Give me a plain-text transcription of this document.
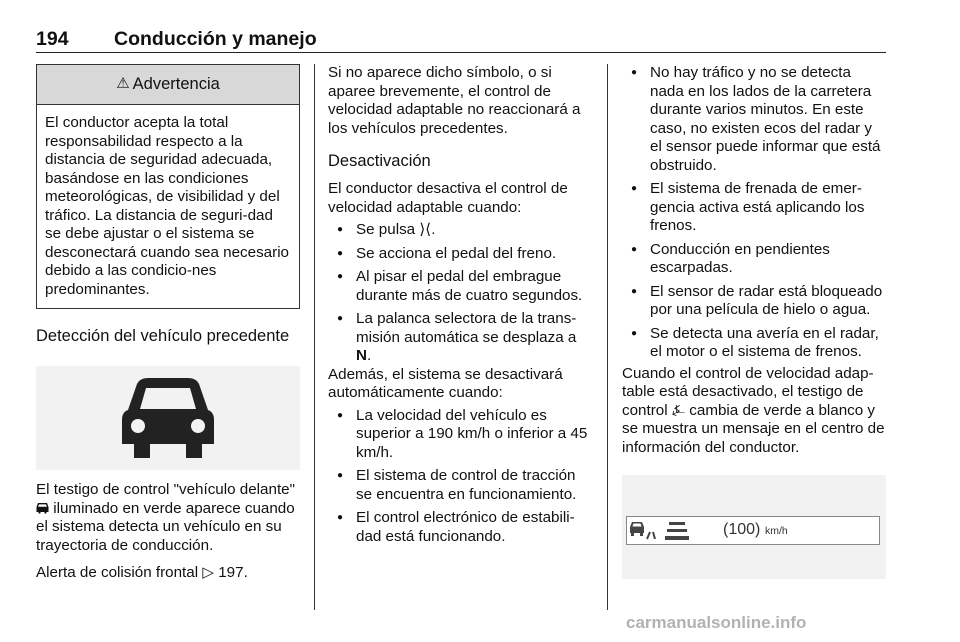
194 Conducción y manejo
⚠ Advertencia
El conductor acepta la total responsabilidad respecto a la distancia de seguridad adecuada, basándose en las condiciones meteorológicas, de visibilidad y del tráfico. La distancia de seguri-dad se debe ajustar o el sistema se desconectará cuando sea necesario debido a las condicio-nes predominantes.
Detección del vehículo precedente

El testigo de control "vehículo delante"  iluminado en verde aparece cuando el sistema detecta un vehículo en su trayectoria de conducción.

Alerta de colisión frontal ▷ 197.

Si no aparece dicho símbolo, o si aparee brevemente, el control de velocidad adaptable no reaccionará a los vehículos precedentes.

Desactivación

El conductor desactiva el control de velocidad adaptable cuando:

● Se pulsa ⟩⟨.
● Se acciona el pedal del freno.
● Al pisar el pedal del embrague durante más de cuatro segundos.
● La palanca selectora de la trans-misión automática se desplaza a N.

Además, el sistema se desactivará automáticamente cuando:

● La velocidad del vehículo es superior a 190 km/h o inferior a 45 km/h.
● El sistema de control de tracción se encuentra en funcionamiento.
● El control electrónico de estabili-dad está funcionando.
● No hay tráfico y no se detecta nada en los lados de la carretera durante varios minutos. En este caso, no existen ecos del radar y el sensor puede informar que está obstruido.
● El sistema de frenada de emer-gencia activa está aplicando los frenos.
● Conducción en pendientes escarpadas.
● El sensor de radar está bloqueado por una película de hielo o agua.
● Se detecta una avería en el radar, el motor o el sistema de frenos.

Cuando el control de velocidad adap-table está desactivado, el testigo de control ⍼ cambia de verde a blanco y se muestra un mensaje en el centro de información del conductor.

(100) km/h
carmanualsonline.info
